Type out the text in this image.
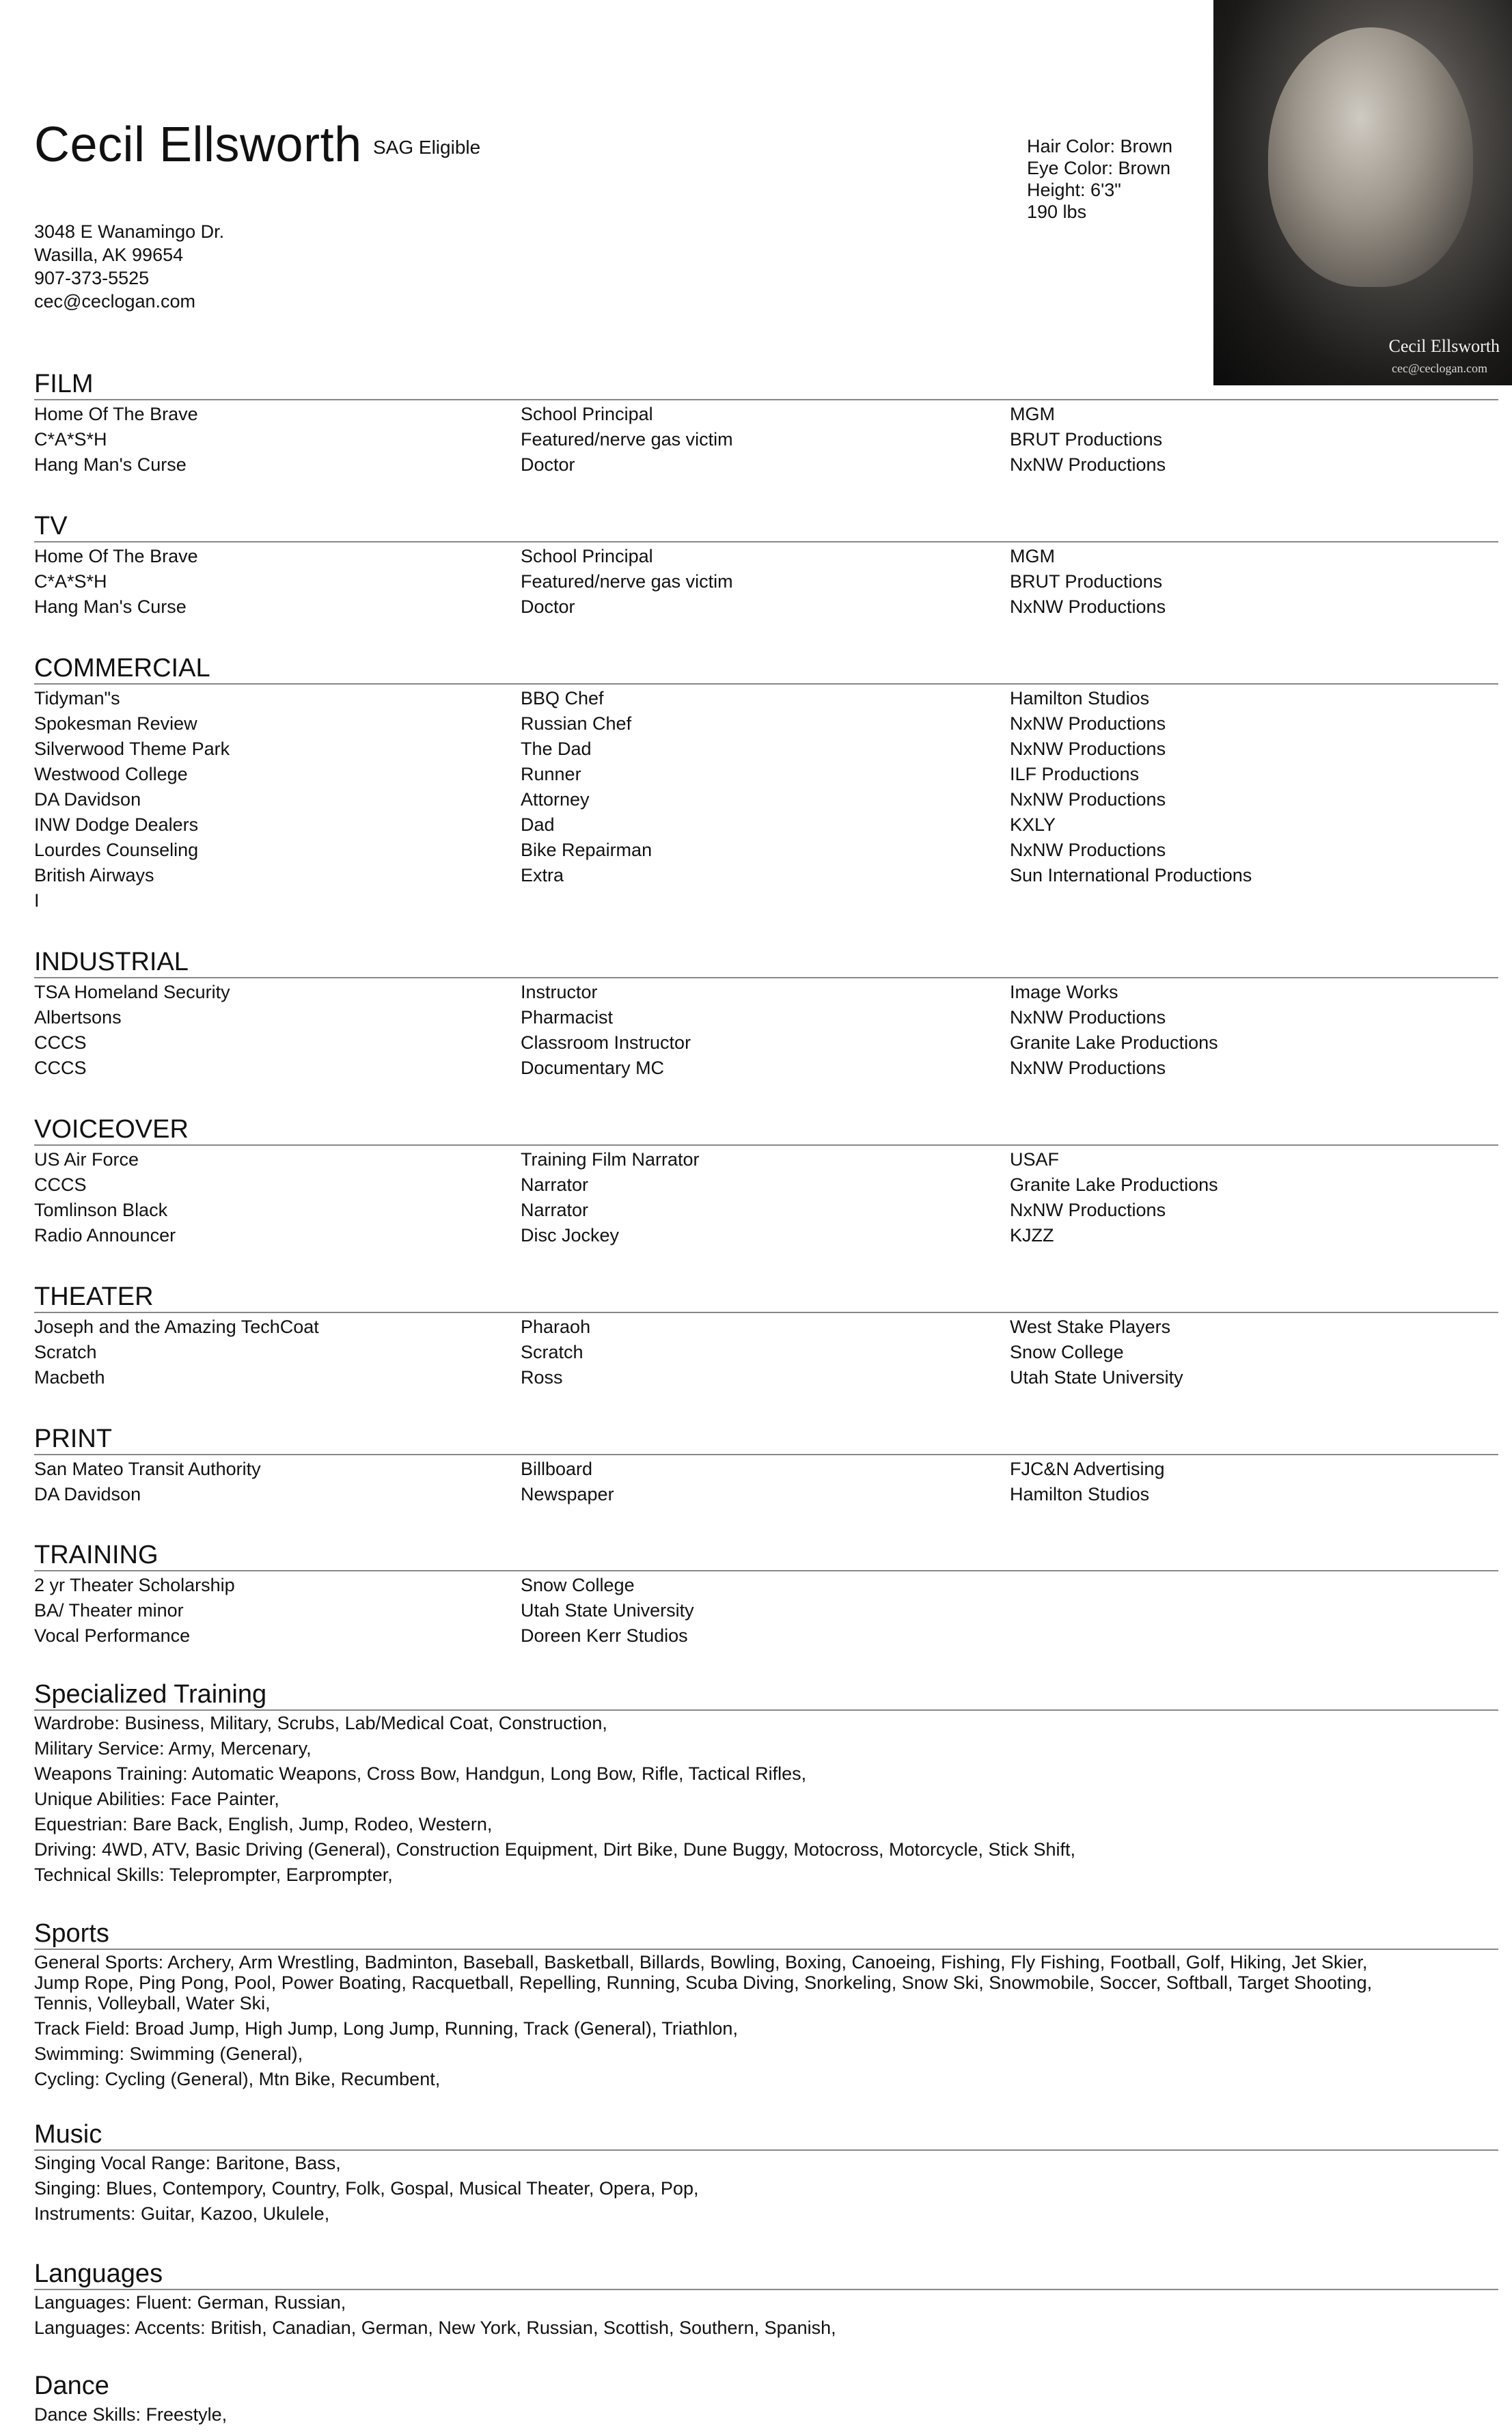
Cecil Ellsworth SAG Eligible
3048 E Wanamingo Dr.
Wasilla, AK 99654
907-373-5525
cec@ceclogan.com
Hair Color: Brown
Eye Color: Brown
Height: 6'3"
190 lbs
Cecil Ellsworth
cec@ceclogan.com
FILM
Home Of The Brave	School Principal	MGM
C*A*S*H	Featured/nerve gas victim	BRUT Productions
Hang Man's Curse	Doctor	NxNW Productions
TV
Home Of The Brave	School Principal	MGM
C*A*S*H	Featured/nerve gas victim	BRUT Productions
Hang Man's Curse	Doctor	NxNW Productions
COMMERCIAL
Tidyman"s	BBQ Chef	Hamilton Studios
Spokesman Review	Russian Chef	NxNW Productions
Silverwood Theme Park	The Dad	NxNW Productions
Westwood College	Runner	ILF Productions
DA Davidson	Attorney	NxNW Productions
INW Dodge Dealers	Dad	KXLY
Lourdes Counseling	Bike Repairman	NxNW Productions
British Airways	Extra	Sun International Productions
I
INDUSTRIAL
TSA Homeland Security	Instructor	Image Works
Albertsons	Pharmacist	NxNW Productions
CCCS	Classroom Instructor	Granite Lake Productions
CCCS	Documentary MC	NxNW Productions
VOICEOVER
US Air Force	Training Film Narrator	USAF
CCCS	Narrator	Granite Lake Productions
Tomlinson Black	Narrator	NxNW Productions
Radio Announcer	Disc Jockey	KJZZ
THEATER
Joseph and the Amazing TechCoat	Pharaoh	West Stake Players
Scratch	Scratch	Snow College
Macbeth	Ross	Utah State University
PRINT
San Mateo Transit Authority	Billboard	FJC&N Advertising
DA Davidson	Newspaper	Hamilton Studios
TRAINING
2 yr Theater Scholarship	Snow College
BA/ Theater minor	Utah State University
Vocal Performance	Doreen Kerr Studios
Specialized Training

Wardrobe: Business, Military, Scrubs, Lab/Medical Coat, Construction,

Military Service: Army, Mercenary,

Weapons Training: Automatic Weapons, Cross Bow, Handgun, Long Bow, Rifle, Tactical Rifles,

Unique Abilities: Face Painter,

Equestrian: Bare Back, English, Jump, Rodeo, Western,

Driving: 4WD, ATV, Basic Driving (General), Construction Equipment, Dirt Bike, Dune Buggy, Motocross, Motorcycle, Stick Shift,

Technical Skills: Teleprompter, Earprompter,

Sports

General Sports: Archery, Arm Wrestling, Badminton, Baseball, Basketball, Billards, Bowling, Boxing, Canoeing, Fishing, Fly Fishing, Football, Golf, Hiking, Jet Skier, Jump Rope, Ping Pong, Pool, Power Boating, Racquetball, Repelling, Running, Scuba Diving, Snorkeling, Snow Ski, Snowmobile, Soccer, Softball, Target Shooting, Tennis, Volleyball, Water Ski,

Track Field: Broad Jump, High Jump, Long Jump, Running, Track (General), Triathlon,

Swimming: Swimming (General),

Cycling: Cycling (General), Mtn Bike, Recumbent,

Music

Singing Vocal Range: Baritone, Bass,

Singing: Blues, Contempory, Country, Folk, Gospal, Musical Theater, Opera, Pop,

Instruments: Guitar, Kazoo, Ukulele,

Languages

Languages: Fluent: German, Russian,

Languages: Accents: British, Canadian, German, New York, Russian, Scottish, Southern, Spanish,

Dance

Dance Skills: Freestyle,
